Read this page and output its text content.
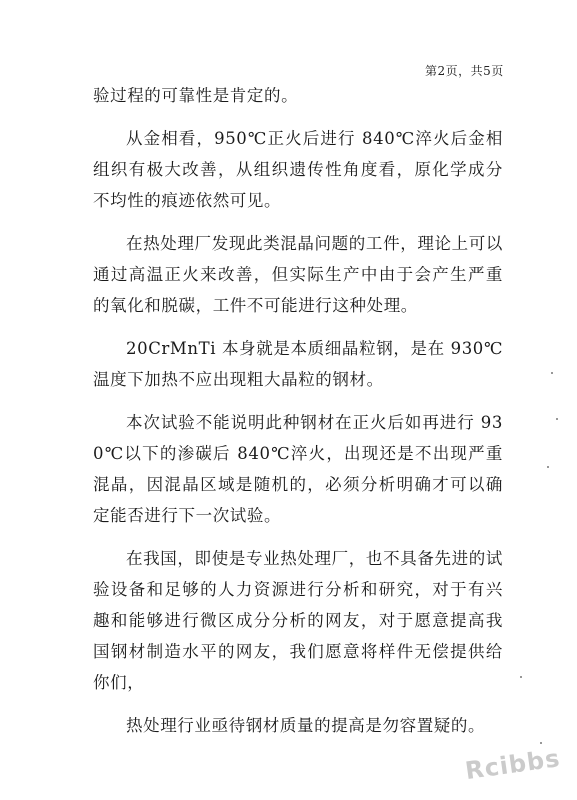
第2页，共5页

验过程的可靠性是肯定的。

从金相看，950℃正火后进行 840℃淬火后金相组织有极大改善，从组织遗传性角度看，原化学成分不均性的痕迹依然可见。

在热处理厂发现此类混晶问题的工件，理论上可以通过高温正火来改善，但实际生产中由于会产生严重的氧化和脱碳，工件不可能进行这种处理。

20CrMnTi 本身就是本质细晶粒钢，是在 930℃温度下加热不应出现粗大晶粒的钢材。

本次试验不能说明此种钢材在正火后如再进行 930℃以下的渗碳后 840℃淬火，出现还是不出现严重混晶，因混晶区域是随机的，必须分析明确才可以确定能否进行下一次试验。

在我国，即使是专业热处理厂，也不具备先进的试验设备和足够的人力资源进行分析和研究，对于有兴趣和能够进行微区成分分析的网友，对于愿意提高我国钢材制造水平的网友，我们愿意将样件无偿提供给你们，

热处理行业亟待钢材质量的提高是勿容置疑的。

Rcibbs
